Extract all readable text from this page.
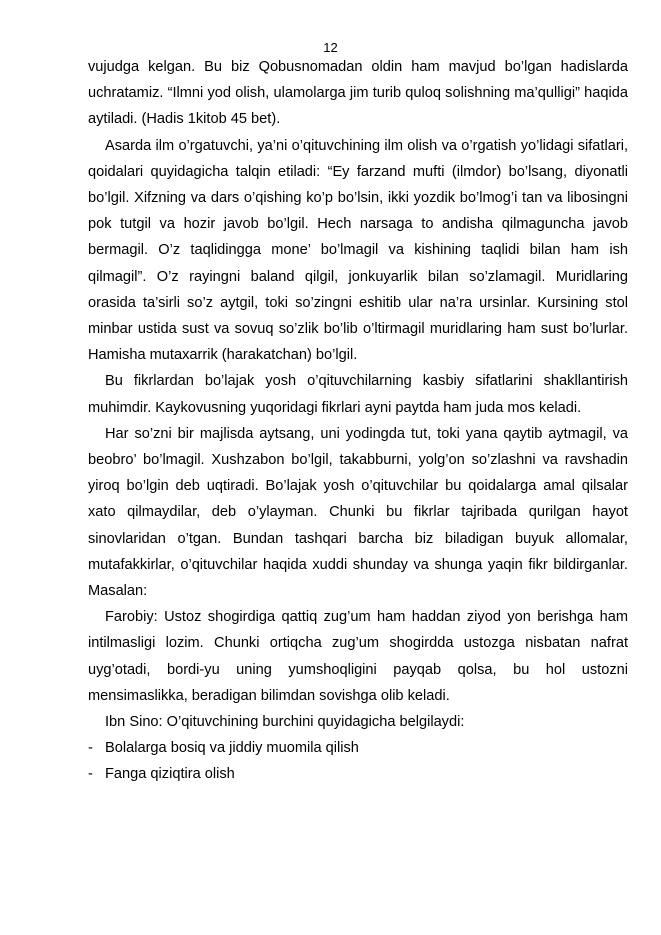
12

vujudga kelgan. Bu biz Qobusnomadan oldin ham mavjud bo’lgan hadislarda uchratamiz. “Ilmni yod olish, ulamolarga jim turib quloq solishning ma’qulligi” haqida aytiladi. (Hadis 1kitob 45 bet).

Asarda ilm o’rgatuvchi, ya’ni o’qituvchining ilm olish va o’rgatish yo’lidagi sifatlari, qoidalari quyidagicha talqin etiladi: “Ey farzand mufti (ilmdor) bo’lsang, diyonatli bo’lgil. Xifzning va dars o’qishing ko’p bo’lsin, ikki yozdik bo’lmog’i tan va libosingni pok tutgil va hozir javob bo’lgil. Hech narsaga to andisha qilmaguncha javob bermagil. O’z taqlidingga mone’ bo’lmagil va kishining taqlidi bilan ham ish qilmagil”. O’z rayingni baland qilgil, jonkuyarlik bilan so’zlamagil. Muridlaring orasida ta’sirli so’z aytgil, toki so’zingni eshitib ular na’ra ursinlar. Kursining stol minbar ustida sust va sovuq so’zlik bo’lib o’ltirmagil muridlaring ham sust bo’lurlar. Hamisha mutaxarrik (harakatchan) bo’lgil.

Bu fikrlardan bo’lajak yosh o’qituvchilarning kasbiy sifatlarini shakllantirish muhimdir. Kaykovusning yuqoridagi fikrlari ayni paytda ham juda mos keladi.

Har so’zni bir majlisda aytsang, uni yodingda tut, toki yana qaytib aytmagil, va beobro’ bo’lmagil. Xushzabon bo’lgil, takabburni, yolg’on so’zlashni va ravshadin yiroq bo’lgin deb uqtiradi. Bo’lajak yosh o’qituvchilar bu qoidalarga amal qilsalar xato qilmaydilar, deb o’ylayman. Chunki bu fikrlar tajribada qurilgan hayot sinovlaridan o’tgan. Bundan tashqari barcha biz biladigan buyuk allomalar, mutafakkirlar, o’qituvchilar haqida xuddi shunday va shunga yaqin fikr bildirganlar. Masalan:

Farobiy: Ustoz shogirdiga qattiq zug’um ham haddan ziyod yon berishga ham intilmasligi lozim. Chunki ortiqcha zug’um shogirdda ustozga nisbatan nafrat uyg’otadi, bordi-yu uning yumshoqligini payqab qolsa, bu hol ustozni mensimaslikka, beradigan bilimdan sovishga olib keladi.

Ibn Sino: O’qituvchining burchini quyidagicha belgilaydi:

- Bolalarga bosiq va jiddiy muomila qilish
- Fanga qiziqtira olish
